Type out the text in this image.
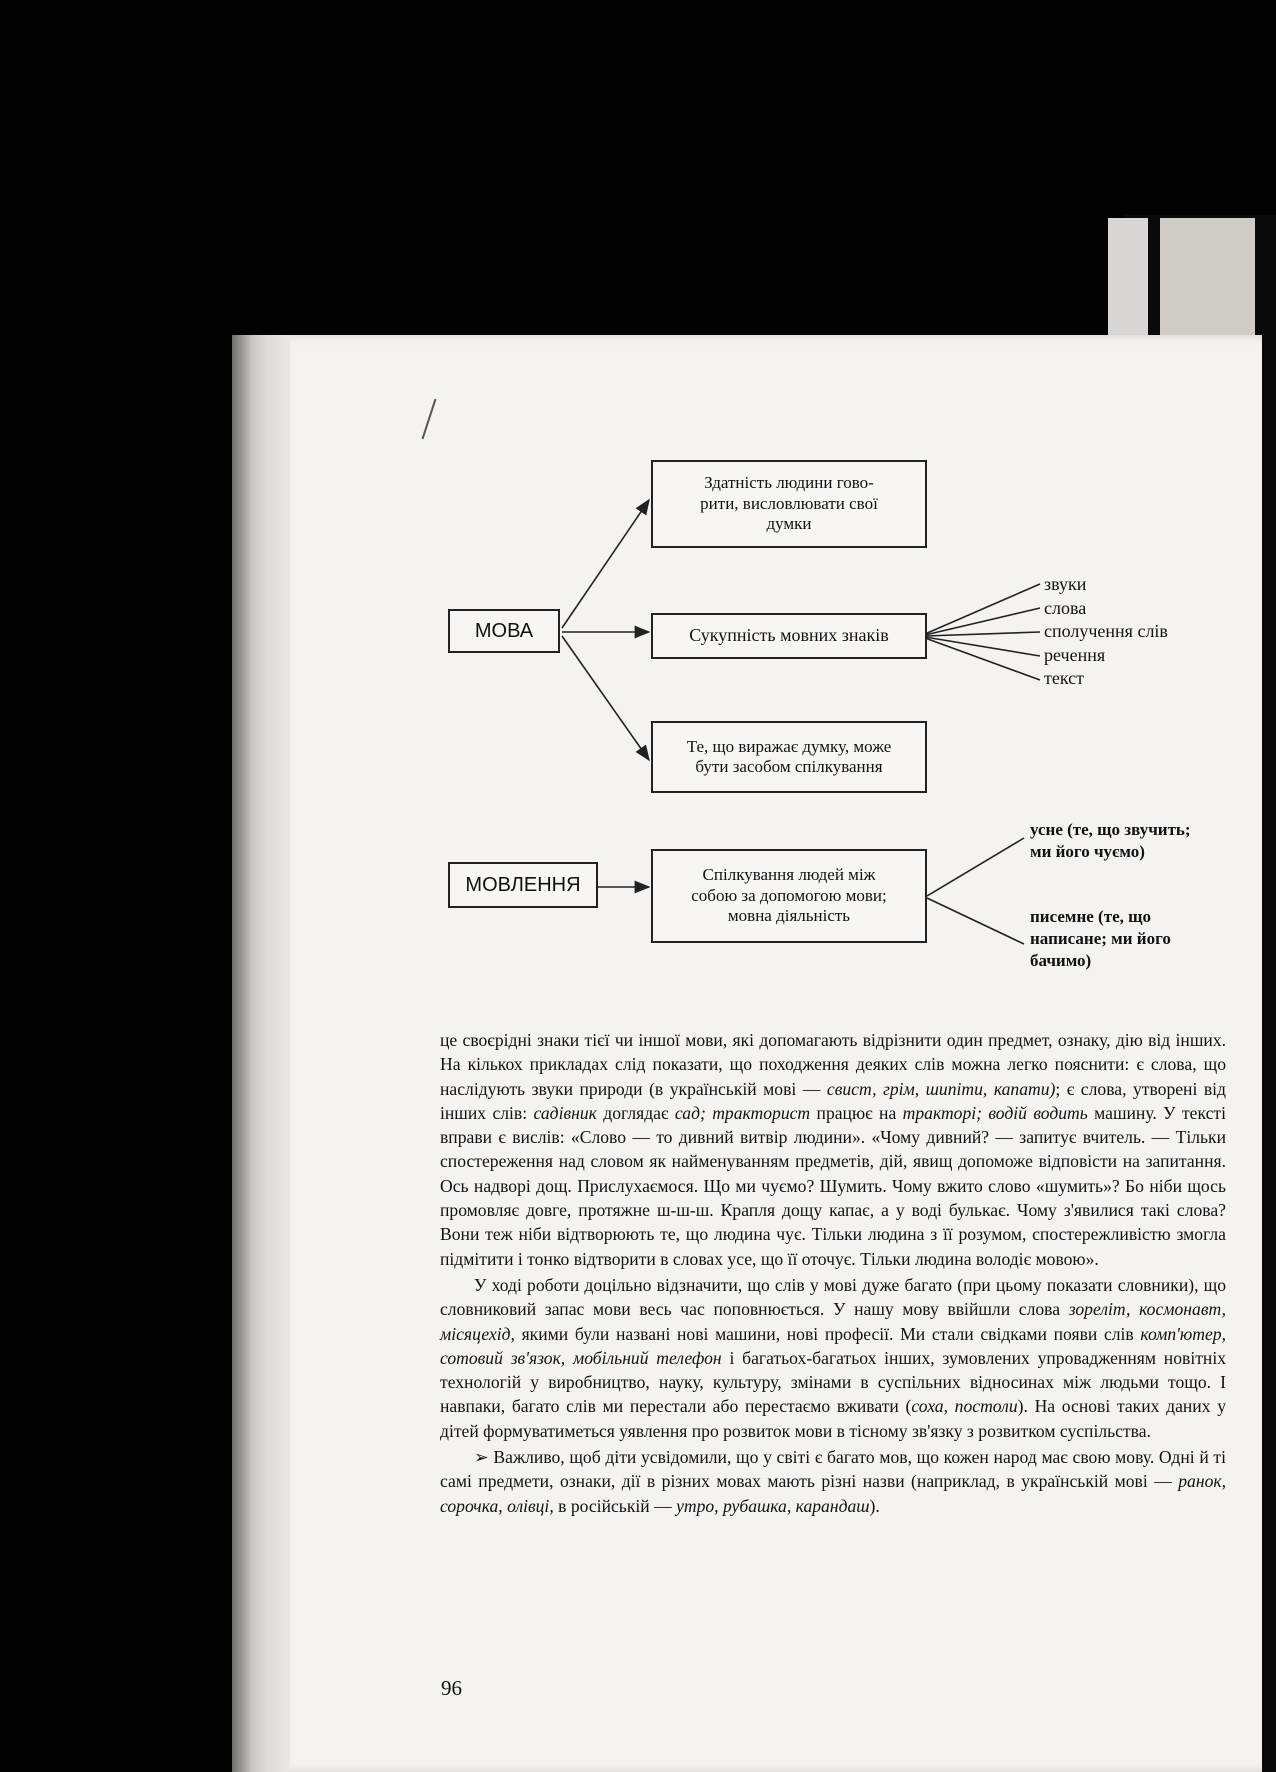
МОВА
МОВЛЕННЯ
Здатність людини гово-
рити, висловлювати свої
думки
Сукупність мовних знаків
Те, що виражає думку, може
бути засобом спілкування
Спілкування людей між
собою за допомогою мови;
мовна діяльність
звуки
слова
сполучення слів
речення
текст
усне (те, що звучить;
ми його чуємо)
писемне (те, що
написане; ми його
бачимо)

це своєрідні знаки тієї чи іншої мови, які допомагають відрізнити один предмет, ознаку, дію від інших. На кількох прикладах слід показати, що походження деяких слів можна легко пояснити: є слова, що наслідують звуки природи (в українській мові — свист, грім, шипіти, капати); є слова, утворені від інших слів: садівник доглядає сад; тракторист працює на тракторі; водій водить машину. У тексті вправи є вислів: «Слово — то дивний витвір людини». «Чому дивний? — запитує вчитель. — Тільки спостереження над словом як найменуванням предметів, дій, явищ допоможе відповісти на запитання. Ось надворі дощ. Прислухаємося. Що ми чуємо? Шумить. Чому вжито слово «шумить»? Бо ніби щось промовляє довге, протяжне ш-ш-ш. Крапля дощу капає, а у воді булькає. Чому з'явилися такі слова? Вони теж ніби відтворюють те, що людина чує. Тільки людина з її розумом, спостережливістю змогла підмітити і тонко відтворити в словах усе, що її оточує. Тільки людина володіє мовою».

У ході роботи доцільно відзначити, що слів у мові дуже багато (при цьому показати словники), що словниковий запас мови весь час поповнюється. У нашу мову ввійшли слова зореліт, космонавт, місяцехід, якими були названі нові машини, нові професії. Ми стали свідками появи слів комп'ютер, сотовий зв'язок, мобільний телефон і багатьох-багатьох інших, зумовлених упровадженням новітніх технологій у виробництво, науку, культуру, змінами в суспільних відносинах між людьми тощо. І навпаки, багато слів ми перестали або перестаємо вживати (соха, постоли). На основі таких даних у дітей формуватиметься уявлення про розвиток мови в тісному зв'язку з розвитком суспільства.

➢ Важливо, щоб діти усвідомили, що у світі є багато мов, що кожен народ має свою мову. Одні й ті самі предмети, ознаки, дії в різних мовах мають різні назви (наприклад, в українській мові — ранок, сорочка, олівці, в російській — утро, рубашка, карандаш).

96
